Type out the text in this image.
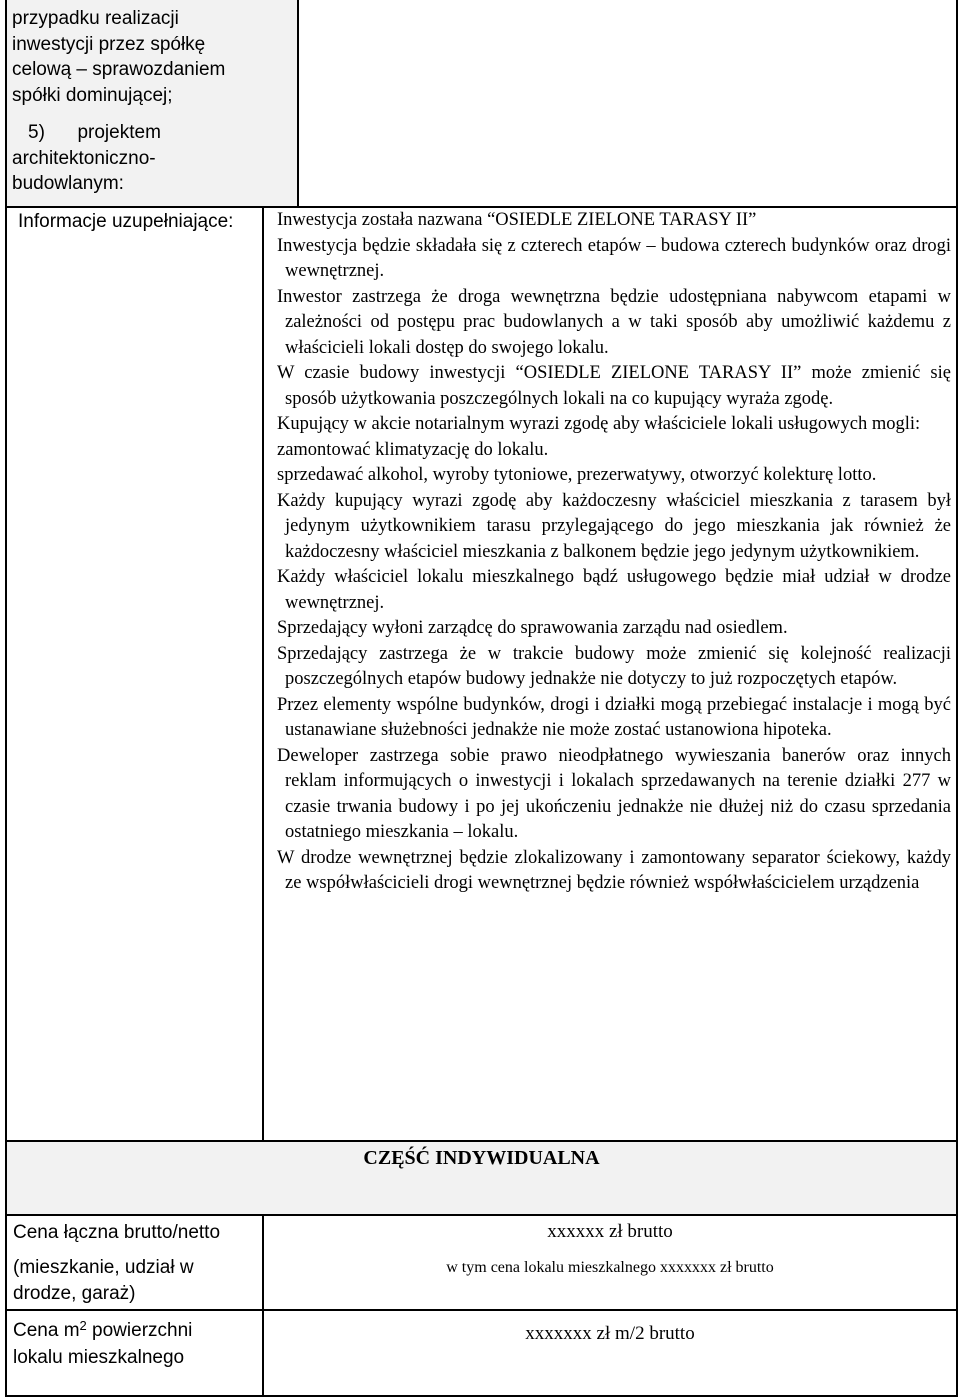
przypadku realizacji
inwestycji przez spółkę
celową – sprawozdaniem
spółki dominującej;
5) projektem
architektoniczno-
budowlanym:
Informacje uzupełniające:	Inwestycja została nazwana “OSIEDLE ZIELONE TARASY II”

Inwestycja będzie składała się z czterech etapów – budowa czterech budynków oraz drogi wewnętrznej.

Inwestor zastrzega że droga wewnętrzna będzie udostępniana nabywcom etapami w zależności od postępu prac budowlanych a w taki sposób aby umożliwić każdemu z właścicieli lokali dostęp do swojego lokalu.

W czasie budowy inwestycji “OSIEDLE ZIELONE TARASY II” może zmienić się sposób użytkowania poszczególnych lokali na co kupujący wyraża zgodę.

Kupujący w akcie notarialnym wyrazi zgodę aby właściciele lokali usługowych mogli:

zamontować klimatyzację do lokalu.

sprzedawać alkohol, wyroby tytoniowe, prezerwatywy, otworzyć kolekturę lotto.

Każdy kupujący wyrazi zgodę aby każdoczesny właściciel mieszkania z tarasem był jedynym użytkownikiem tarasu przylegającego do jego mieszkania jak również że każdoczesny właściciel mieszkania z balkonem będzie jego jedynym użytkownikiem.

Każdy właściciel lokalu mieszkalnego bądź usługowego będzie miał udział w drodze wewnętrznej.

Sprzedający wyłoni zarządcę do sprawowania zarządu nad osiedlem.

Sprzedający zastrzega że w trakcie budowy może zmienić się kolejność realizacji poszczególnych etapów budowy jednakże nie dotyczy to już rozpoczętych etapów.

Przez elementy wspólne budynków, drogi i działki mogą przebiegać instalacje i mogą być ustanawiane służebności jednakże nie może zostać ustanowiona hipoteka.

Deweloper zastrzega sobie prawo nieodpłatnego wywieszania banerów oraz innych reklam informujących o inwestycji i lokalach sprzedawanych na terenie działki 277 w czasie trwania budowy i po jej ukończeniu jednakże nie dłużej niż do czasu sprzedania ostatniego mieszkania – lokalu.

W drodze wewnętrznej będzie zlokalizowany i zamontowany separator ściekowy, każdy ze współwłaścicieli drogi wewnętrznej będzie również współwłaścicielem urządzenia

CZĘŚĆ INDYWIDUALNA
Cena łączna brutto/netto
(mieszkanie, udział w
drodze, garaż)
xxxxxx zł brutto
w tym cena lokalu mieszkalnego xxxxxxx zł brutto
Cena $m^2$ powierzchni
lokalu mieszkalnego
xxxxxxx zł m/2 brutto
